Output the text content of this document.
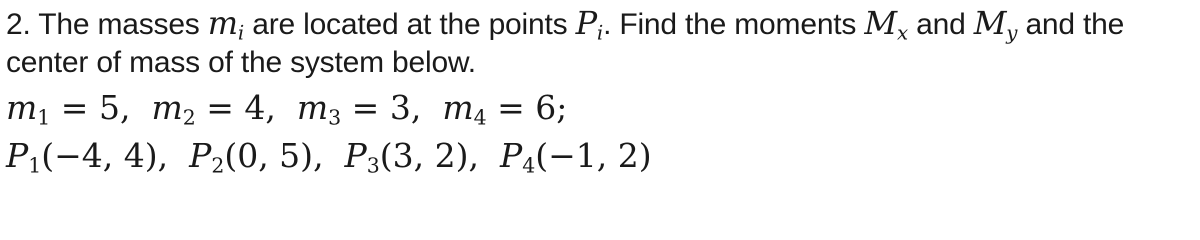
2. The masses $m_i$ are located at the points $P_i$. Find the moments $M_x$ and $M_y$ and the
center of mass of the system below.
$m_1 = 5$, $m_2 = 4$, $m_3 = 3$, $m_4 = 6$;
$P_1(-4$, 4), $P_2(0$, 5), $P_3(3$, 2), $P_4(-1$, 2)
